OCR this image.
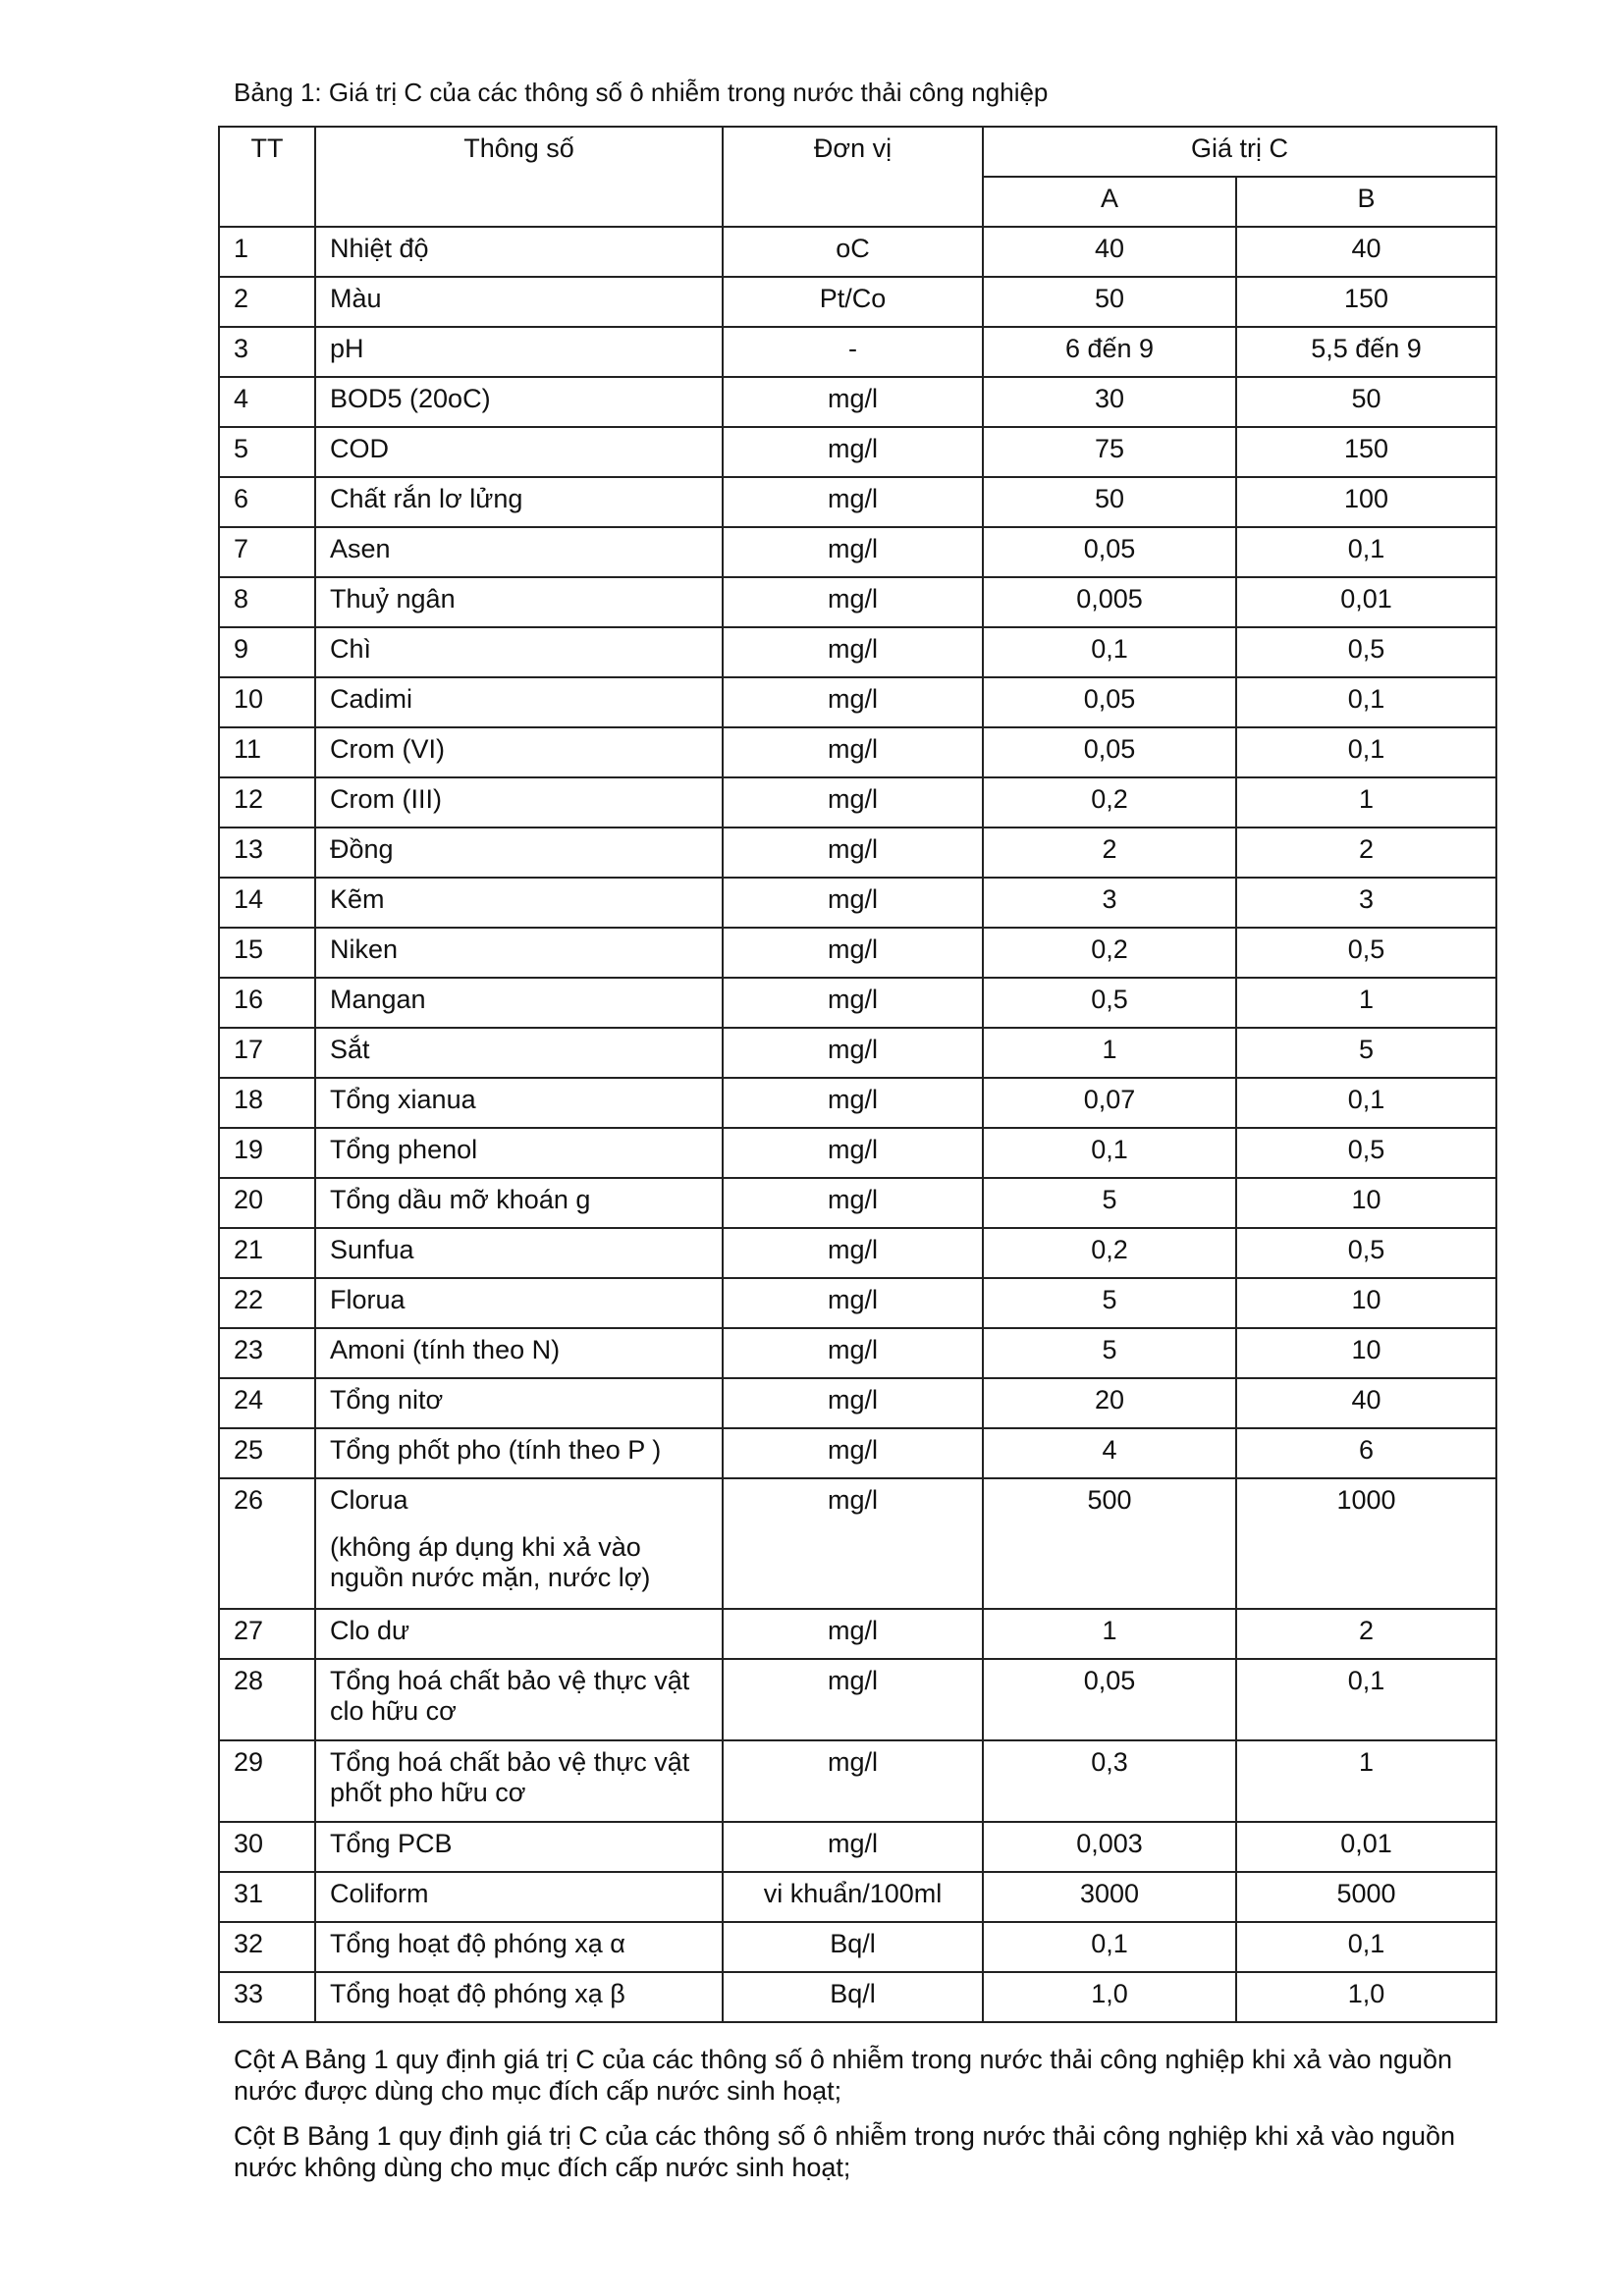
Bảng 1: Giá trị C của các thông số ô nhiễm trong nước thải công nghiệp
TT	Thông số	Đơn vị	Giá trị C	

			A	B

1	Nhiệt độ	oC	40	40

2	Màu	Pt/Co	50	150

3	pH	-	6 đến 9	5,5 đến 9

4	BOD5 (20oC)	mg/l	30	50

5	COD	mg/l	75	150

6	Chất rắn lơ lửng	mg/l	50	100

7	Asen	mg/l	0,05	0,1

8	Thuỷ ngân	mg/l	0,005	0,01

9	Chì	mg/l	0,1	0,5

10	Cadimi	mg/l	0,05	0,1

11	Crom (VI)	mg/l	0,05	0,1

12	Crom (III)	mg/l	0,2	1

13	Đồng	mg/l	2	2

14	Kẽm	mg/l	3	3

15	Niken	mg/l	0,2	0,5

16	Mangan	mg/l	0,5	1

17	Sắt	mg/l	1	5

18	Tổng xianua	mg/l	0,07	0,1

19	Tổng phenol	mg/l	0,1	0,5

20	Tổng dầu mỡ khoán g	mg/l	5	10

21	Sunfua	mg/l	0,2	0,5

22	Florua	mg/l	5	10

23	Amoni (tính theo N)	mg/l	5	10

24	Tổng nitơ	mg/l	20	40

25	Tổng phốt pho (tính theo P )	mg/l	4	6

26	Clorua
(không áp dụng khi xả vào nguồn nước mặn, nước lợ)	mg/l	500	1000

27	Clo dư	mg/l	1	2

28	Tổng hoá chất bảo vệ thực vật clo hữu cơ	mg/l	0,05	0,1

29	Tổng hoá chất bảo vệ thực vật phốt pho hữu cơ	mg/l	0,3	1

30	Tổng PCB	mg/l	0,003	0,01

31	Coliform	vi khuẩn/100ml	3000	5000

32	Tổng hoạt độ phóng xạ α	Bq/l	0,1	0,1

33	Tổng hoạt độ phóng xạ β	Bq/l	1,0	1,0

Cột A Bảng 1 quy định giá trị C của các thông số ô nhiễm trong nước thải công nghiệp khi xả vào nguồn nước được dùng cho mục đích cấp nước sinh hoạt;

Cột B Bảng 1 quy định giá trị C của các thông số ô nhiễm trong nước thải công nghiệp khi xả vào nguồn nước không dùng cho mục đích cấp nước sinh hoạt;
